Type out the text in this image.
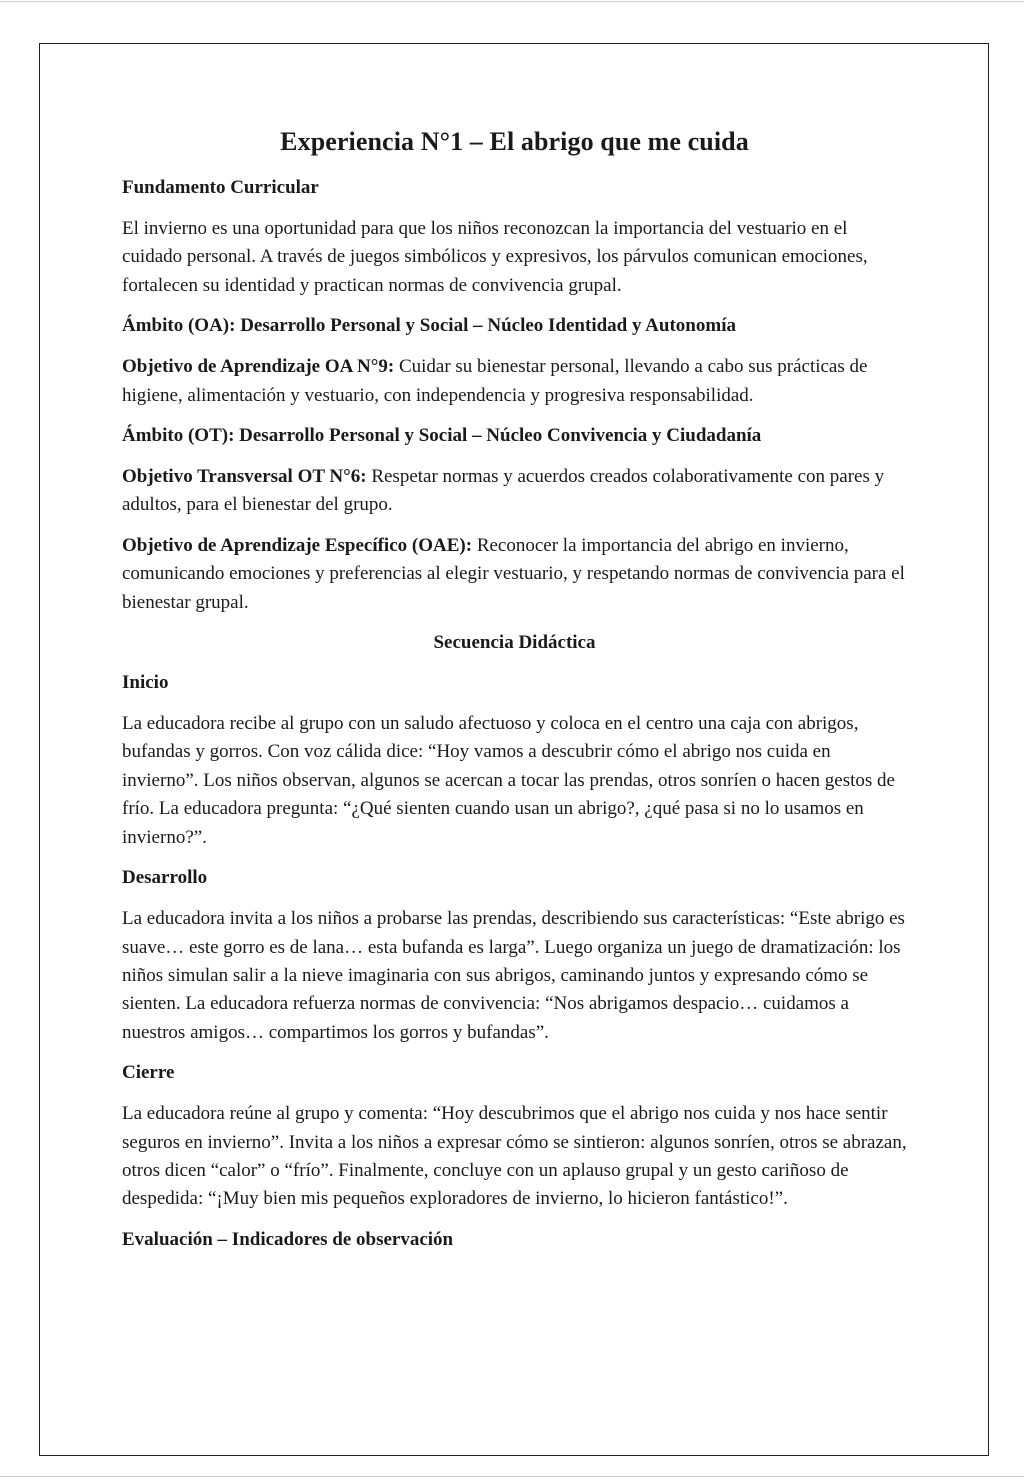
Experiencia N°1 – El abrigo que me cuida
Fundamento Curricular

El invierno es una oportunidad para que los niños reconozcan la importancia del vestuario en el cuidado personal. A través de juegos simbólicos y expresivos, los párvulos comunican emociones, fortalecen su identidad y practican normas de convivencia grupal.

Ámbito (OA): Desarrollo Personal y Social – Núcleo Identidad y Autonomía

Objetivo de Aprendizaje OA N°9: Cuidar su bienestar personal, llevando a cabo sus prácticas de higiene, alimentación y vestuario, con independencia y progresiva responsabilidad.

Ámbito (OT): Desarrollo Personal y Social – Núcleo Convivencia y Ciudadanía

Objetivo Transversal OT N°6: Respetar normas y acuerdos creados colaborativamente con pares y adultos, para el bienestar del grupo.

Objetivo de Aprendizaje Específico (OAE): Reconocer la importancia del abrigo en invierno, comunicando emociones y preferencias al elegir vestuario, y respetando normas de convivencia para el bienestar grupal.

Secuencia Didáctica
Inicio

La educadora recibe al grupo con un saludo afectuoso y coloca en el centro una caja con abrigos, bufandas y gorros. Con voz cálida dice: “Hoy vamos a descubrir cómo el abrigo nos cuida en invierno”. Los niños observan, algunos se acercan a tocar las prendas, otros sonríen o hacen gestos de frío. La educadora pregunta: “¿Qué sienten cuando usan un abrigo?, ¿qué pasa si no lo usamos en invierno?”.

Desarrollo

La educadora invita a los niños a probarse las prendas, describiendo sus características: “Este abrigo es suave… este gorro es de lana… esta bufanda es larga”. Luego organiza un juego de dramatización: los niños simulan salir a la nieve imaginaria con sus abrigos, caminando juntos y expresando cómo se sienten. La educadora refuerza normas de convivencia: “Nos abrigamos despacio… cuidamos a nuestros amigos… compartimos los gorros y bufandas”.

Cierre

La educadora reúne al grupo y comenta: “Hoy descubrimos que el abrigo nos cuida y nos hace sentir seguros en invierno”. Invita a los niños a expresar cómo se sintieron: algunos sonríen, otros se abrazan, otros dicen “calor” o “frío”. Finalmente, concluye con un aplauso grupal y un gesto cariñoso de despedida: “¡Muy bien mis pequeños exploradores de invierno, lo hicieron fantástico!”.

Evaluación – Indicadores de observación
